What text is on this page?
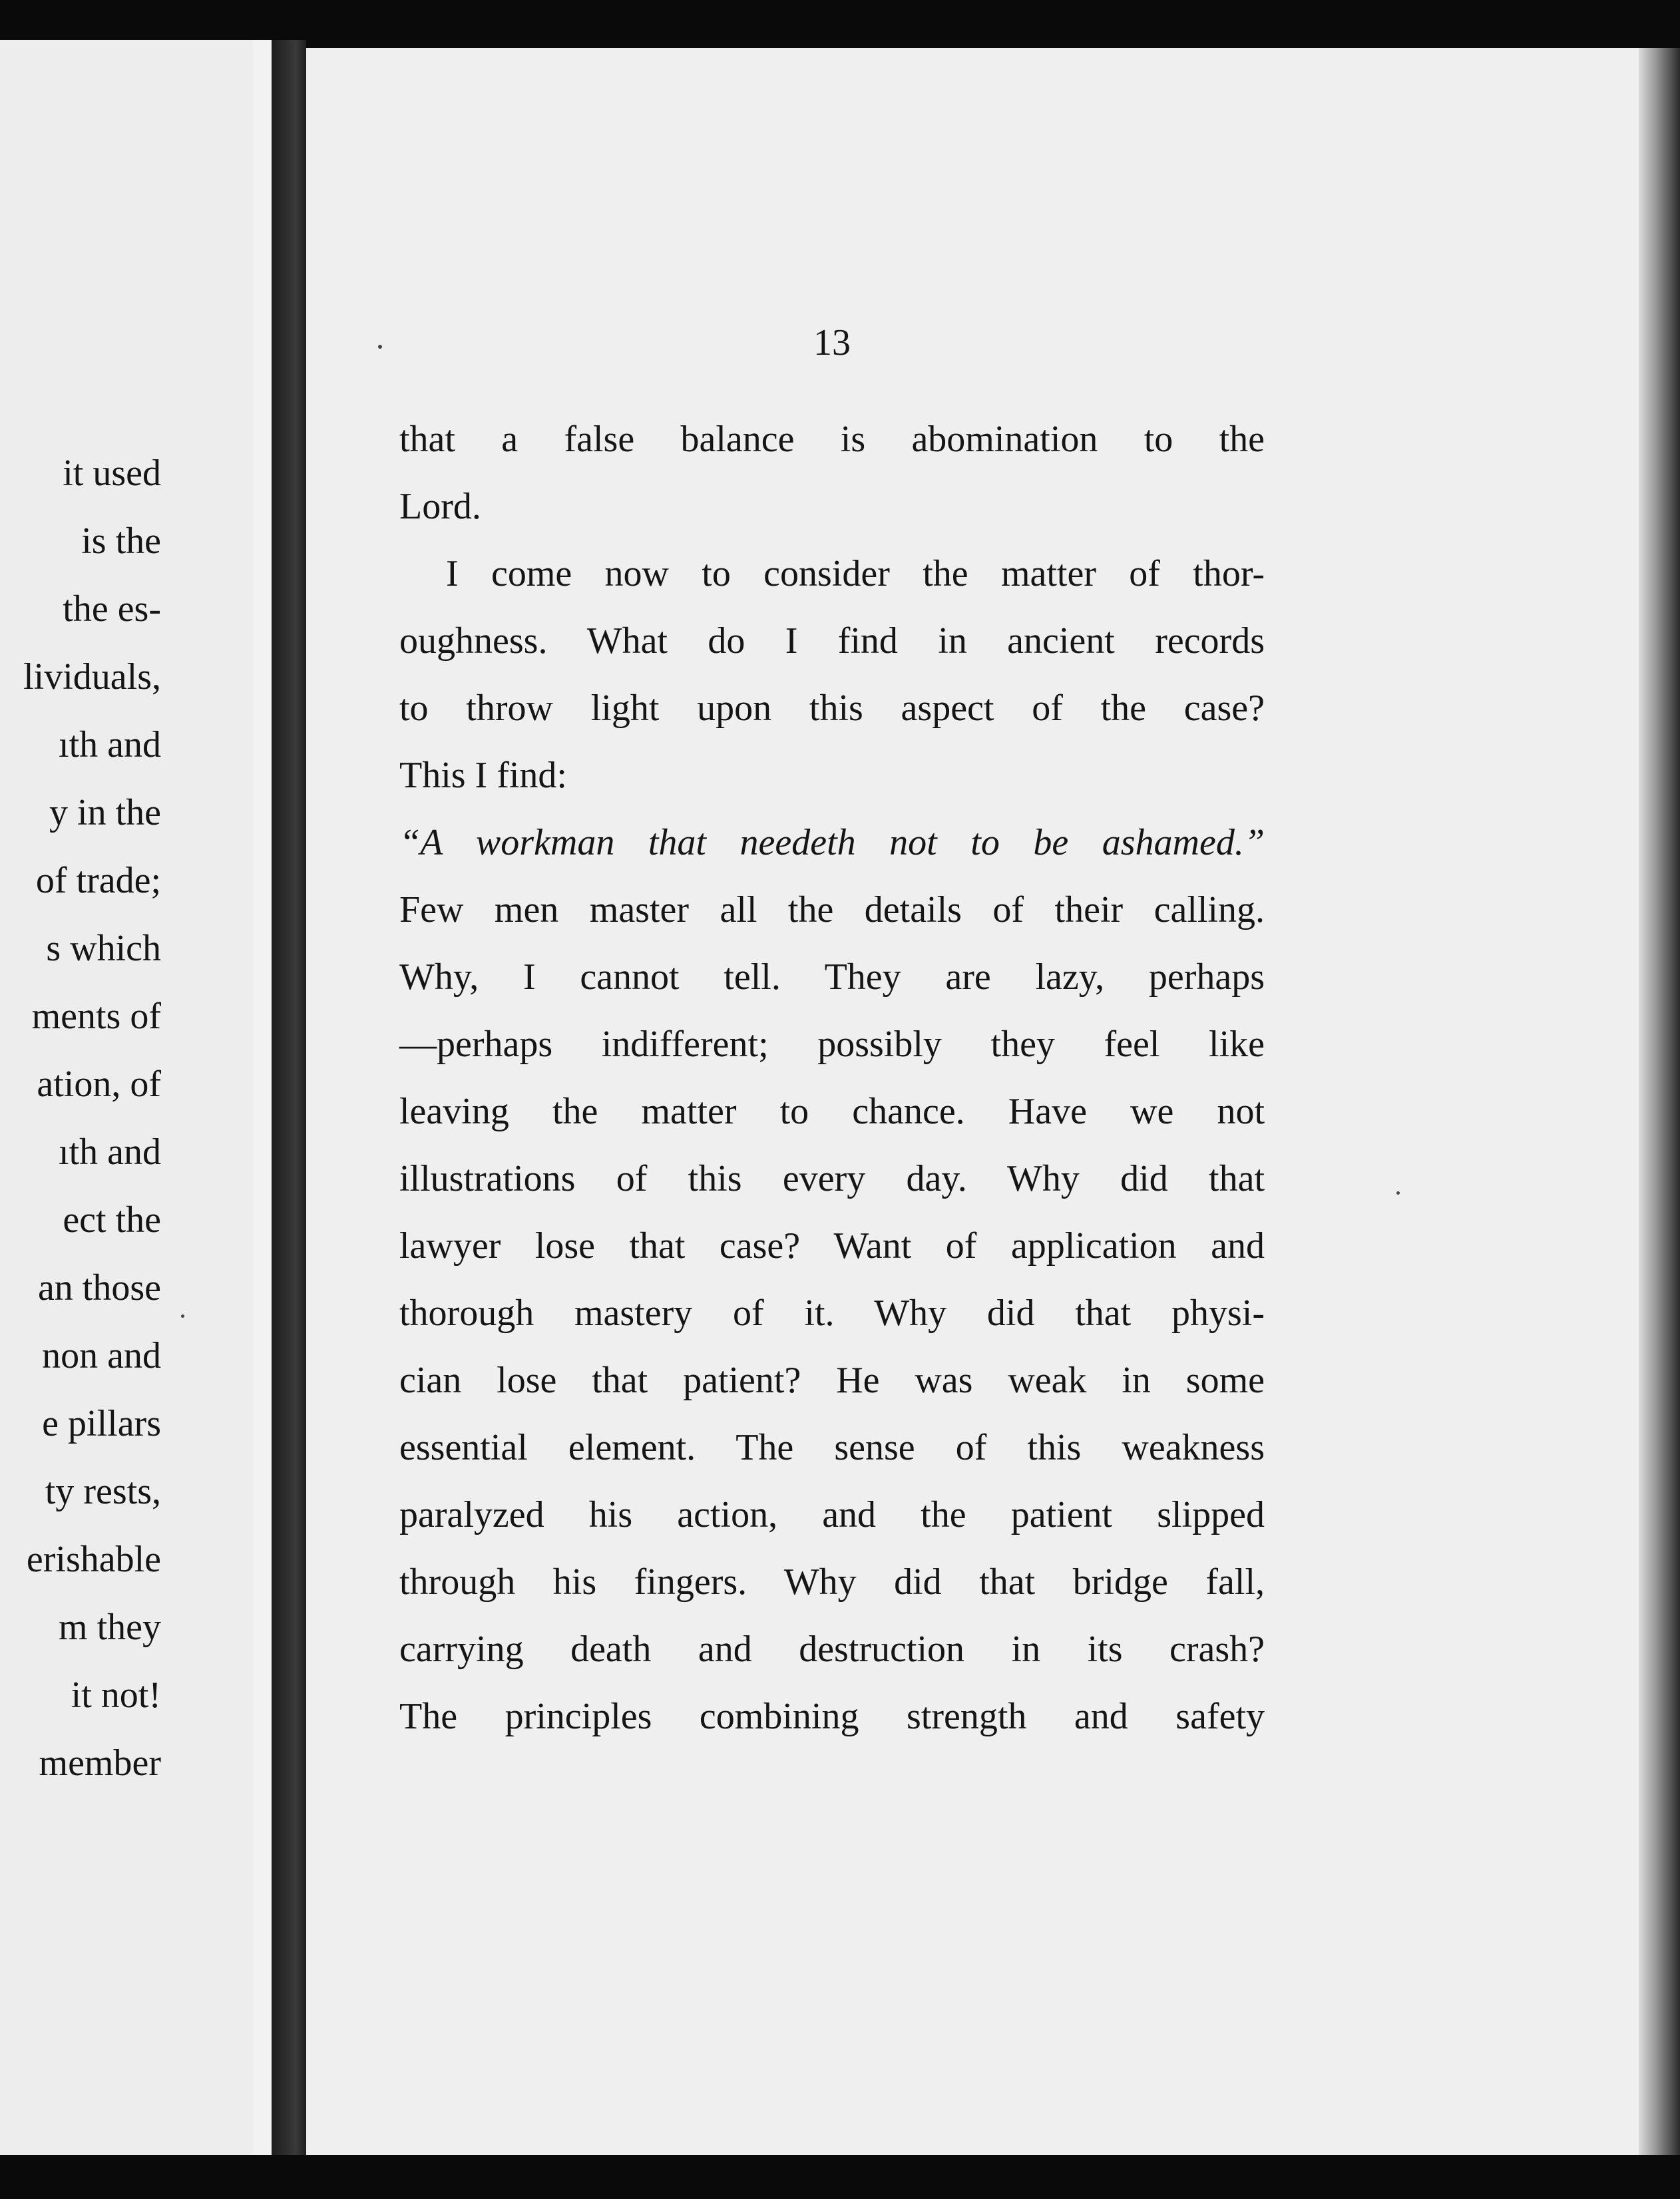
it used
is the
the es-
lividuals,
ıth and
y in the
of trade;
s which
ments of
ation, of
ıth and
ect the
an those
non and
e pillars
ty rests,
erishable
m they
it not!
member
13
that a false balance is abomination to the
Lord.
I come now to consider the matter of thor-
oughness. What do I find in ancient records
to throw light upon this aspect of the case?
This I find:
“A workman that needeth not to be ashamed.”
Few men master all the details of their calling.
Why, I cannot tell. They are lazy, perhaps
—perhaps indifferent; possibly they feel like
leaving the matter to chance. Have we not
illustrations of this every day. Why did that
lawyer lose that case? Want of application and
thorough mastery of it. Why did that physi-
cian lose that patient? He was weak in some
essential element. The sense of this weakness
paralyzed his action, and the patient slipped
through his fingers. Why did that bridge fall,
carrying death and destruction in its crash?
The principles combining strength and safety
